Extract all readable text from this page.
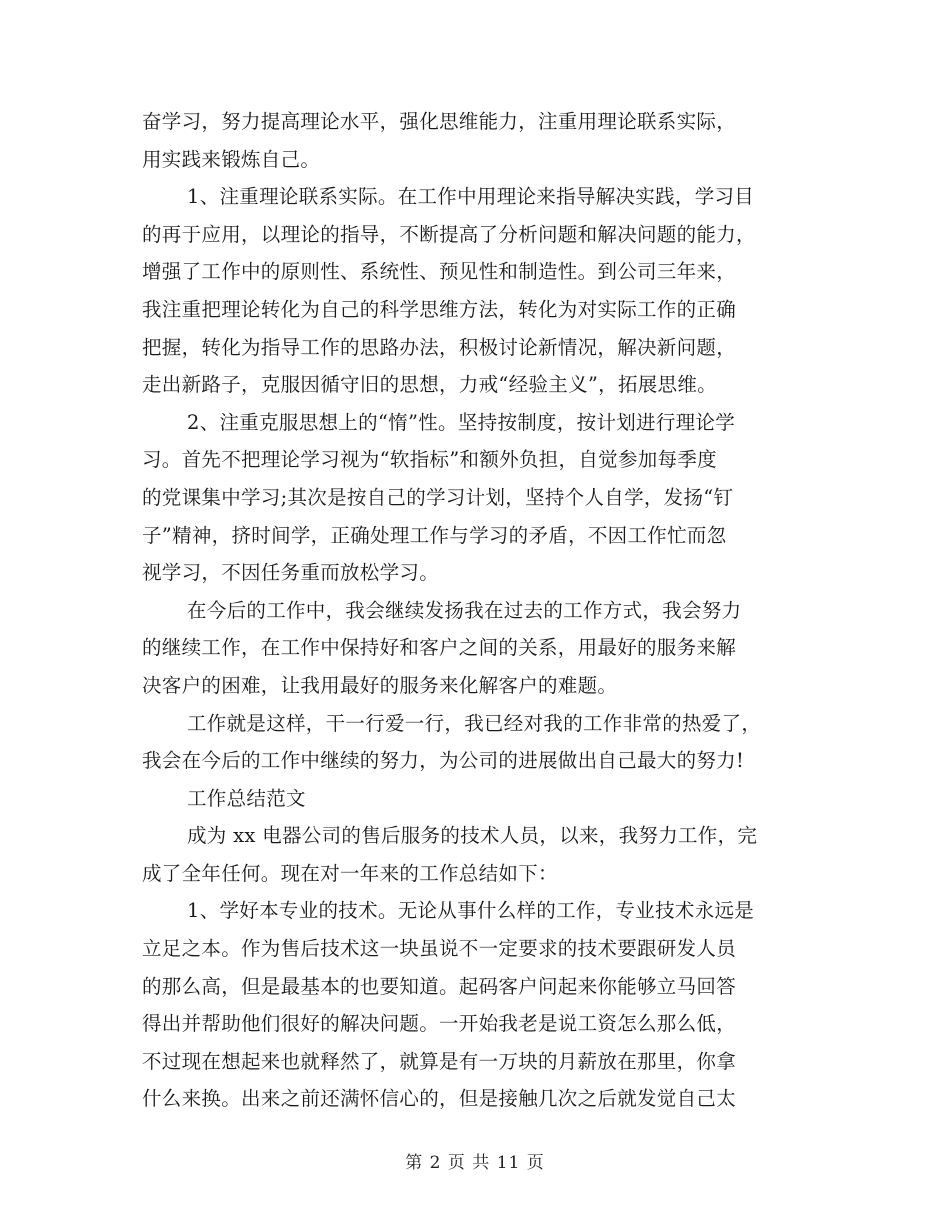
奋学习，努力提高理论水平，强化思维能力，注重用理论联系实际，
用实践来锻炼自己。
1、注重理论联系实际。在工作中用理论来指导解决实践，学习目
的再于应用，以理论的指导，不断提高了分析问题和解决问题的能力，
增强了工作中的原则性、系统性、预见性和制造性。到公司三年来，
我注重把理论转化为自己的科学思维方法，转化为对实际工作的正确
把握，转化为指导工作的思路办法，积极讨论新情况，解决新问题，
走出新路子，克服因循守旧的思想，力戒“经验主义”，拓展思维。
2、注重克服思想上的“惰”性。坚持按制度，按计划进行理论学
习。首先不把理论学习视为“软指标”和额外负担，自觉参加每季度
的党课集中学习;其次是按自己的学习计划，坚持个人自学，发扬“钉
子”精神，挤时间学，正确处理工作与学习的矛盾，不因工作忙而忽
视学习，不因任务重而放松学习。
在今后的工作中，我会继续发扬我在过去的工作方式，我会努力
的继续工作，在工作中保持好和客户之间的关系，用最好的服务来解
决客户的困难，让我用最好的服务来化解客户的难题。
工作就是这样，干一行爱一行，我已经对我的工作非常的热爱了，
我会在今后的工作中继续的努力，为公司的进展做出自己最大的努力!
工作总结范文
成为 xx 电器公司的售后服务的技术人员，以来，我努力工作，完
成了全年任何。现在对一年来的工作总结如下：
1、学好本专业的技术。无论从事什么样的工作，专业技术永远是
立足之本。作为售后技术这一块虽说不一定要求的技术要跟研发人员
的那么高，但是最基本的也要知道。起码客户问起来你能够立马回答
得出并帮助他们很好的解决问题。一开始我老是说工资怎么那么低，
不过现在想起来也就释然了，就算是有一万块的月薪放在那里，你拿
什么来换。出来之前还满怀信心的，但是接触几次之后就发觉自己太
第 2 页 共 11 页
